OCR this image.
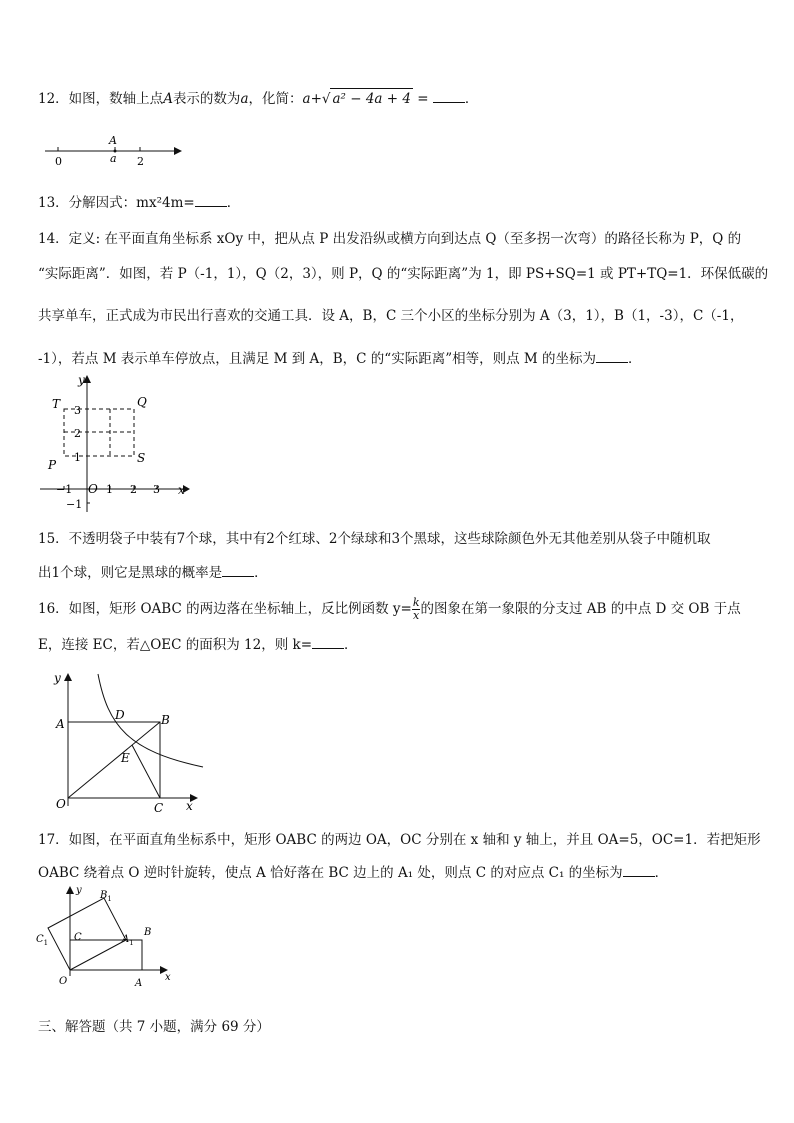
12．如图，数轴上点A表示的数为a，化简：a+√ a² − 4a + 4 =	．
A
a
0	2
13．分解因式：mx²4m= ．
14．定义: 在平面直角坐标系 xOy 中，把从点 P 出发沿纵或横方向到达点 Q（至多拐一次弯）的路径长称为 P，Q 的
“实际距离”．如图，若 P（-1，1），Q（2，3），则 P，Q 的“实际距离”为 1，即 PS+SQ=1 或 PT+TQ=1．环保低碳的
共享单车，正式成为市民出行喜欢的交通工具．设 A，B，C 三个小区的坐标分别为 A（3，1），B（1，-3），C（-1，
-1），若点 M 表示单车停放点，且满足 M 到 A，B，C 的“实际距离”相等，则点 M 的坐标为 ．
y
x
O
T	Q
P	S
3
2
1
−1
−1	1 2 3
15．不透明袋子中装有7个球，其中有2个红球、2个绿球和3个黑球，这些球除颜色外无其他差别从袋子中随机取
出1个球，则它是黑球的概率是 ．
16．如图，矩形 OABC 的两边落在坐标轴上，反比例函数 $y= \frac{k}{x}$ 的图象在第一象限的分支过 AB 的中点 D 交 OB 于点
E，连接 EC，若△OEC 的面积为 12，则 k= ．
y
x
O
A	B
C
D
E
17．如图，在平面直角坐标系中，矩形 OABC 的两边 OA，OC 分别在 x 轴和 y 轴上，并且 OA=5，OC=1．若把矩形
OABC 绕着点 O 逆时针旋转，使点 A 恰好落在 BC 边上的 A₁ 处，则点 C 的对应点 C₁ 的坐标为 ．
y
x
O	A
B
C	$A_1$
$B_1$
$C_1$
三、解答题（共 7 小题，满分 69 分）
